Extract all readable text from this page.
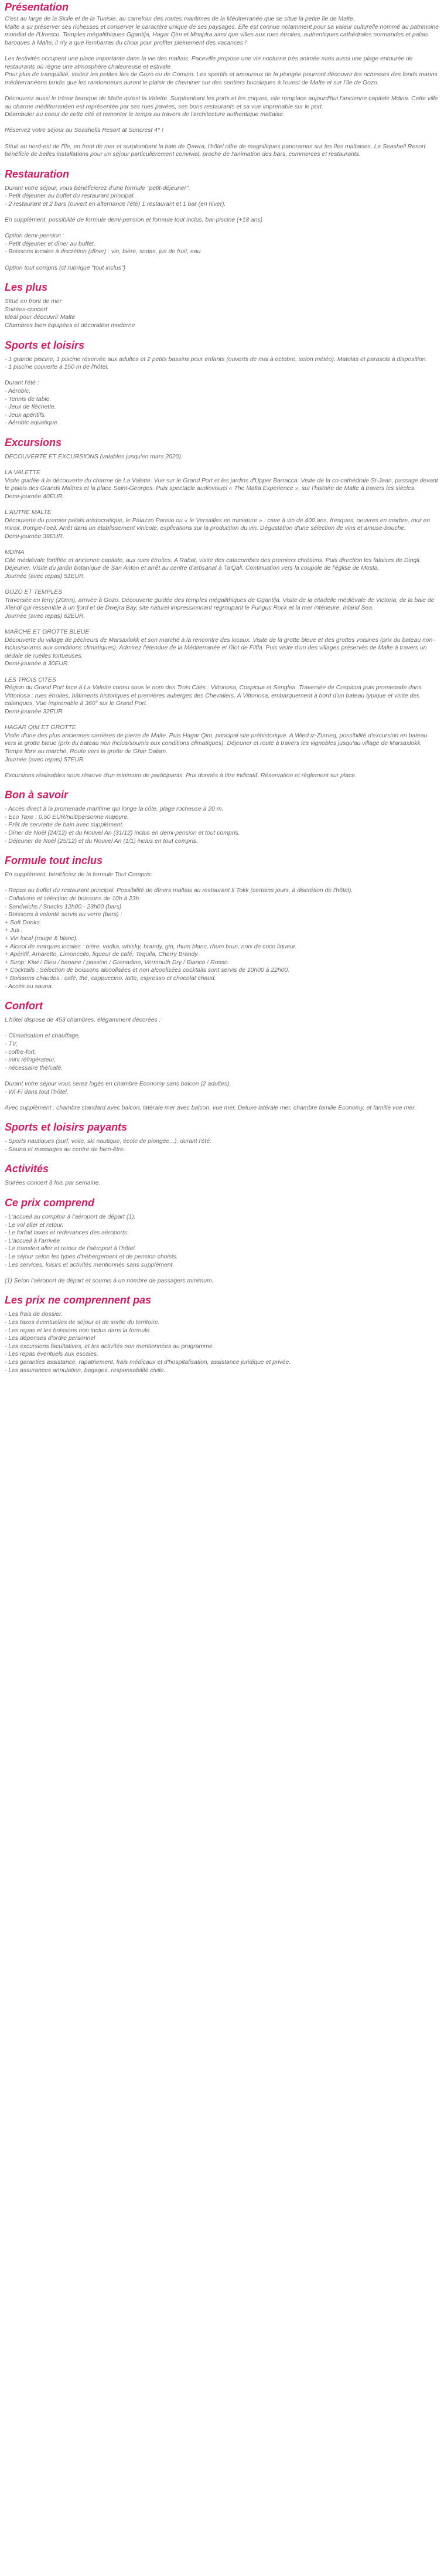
Présentation

C'est au large de la Sicile et de la Tunisie, au carrefour des routes maritimes de la Méditerranée que se situe la petite île de Malte.
Malte a su préserver ses richesses et conserver le caractère unique de ses paysages. Elle est connue notamment pour sa valeur culturelle nommé au patrimoine mondial de l'Unesco. Temples mégalithiques Ggantija, Hagar Qim et Mnajdra ainsi que villes aux rues étroites, authentiques cathédrales normandes et palais baroques à Malte, il n'y a que l'embarras du choix pour profiter pleinement des vacances !

Les festivités occupent une place importante dans la vie des maltais. Paceville propose une vie nocturne très animée mais aussi une plage entourée de restaurants où règne une atmosphère chaleureuse et estivale
Pour plus de tranquillité, visitez les petites îles de Gozo ou de Comino. Les sportifs et amoureux de la plongée pourront découvrir les richesses des fonds marins méditerranéens tandis que les randonneurs auront le plaisir de cheminer sur des sentiers bucoliques à l'ouest de Malte et sur l'île de Gozo.

Découvrez aussi le trésor baroque de Malte qu'est la Valette. Surplombant les ports et les criques, elle remplace aujourd'hui l'ancienne capitale Mdina. Cette ville au charme méditerranéen est représentée par ses rues pavées, ses bons restaurants et sa vue imprenable sur le port.
Déambuler au coeur de cette cité et remonter le temps au travers de l'architecture authentique maltaise.

Réservez votre séjour au Seashells Resort at Suncrest 4* !

Situé au nord-est de l'île, en front de mer et surplombant la baie de Qawra, l'hôtel offre de magnifiques panoramas sur les îles maltaises. Le Seashell Resort bénéficie de belles installations pour un séjour particulièrement convivial, proche de l'animation des bars, commerces et restaurants.

Restauration

Durant votre séjour, vous bénéficierez d'une formule "petit-déjeuner".
- Petit déjeuner au buffet du restaurant principal.
- 2 restaurant et 2 bars (ouvert en alternance l'été) 1 restaurant et 1 bar (en hiver).

En supplément, possibilité de formule demi-pension et formule tout inclus, bar-piscine (+18 ans)

Option demi-pension :
- Petit déjeuner et dîner au buffet.
- Boissons locales à discrétion (dîner) : vin, bière, sodas, jus de fruit, eau.

Option tout compris (cf rubrique "tout inclus")

Les plus

Situé en front de mer
Soirées-concert
Idéal pour découvrir Malte
Chambres bien équipées et décoration moderne

Sports et loisirs

- 1 grande piscine, 1 piscine réservée aux adultes et 2 petits bassins pour enfants (ouverts de mai à octobre, selon météo). Matelas et parasols à disposition.
- 1 piscine couverte à 150 m de l'hôtel.

Durant l'été :
- Aérobic.
- Tennis de table.
- Jeux de fléchette.
- Jeux apéritifs.
- Aérobic aquatique.

Excursions

DECOUVERTE ET EXCURSIONS (valables jusqu'en mars 2020).

LA VALETTE
Visite guidée à la découverte du charme de La Valette. Vue sur le Grand Port et les jardins d'Upper Barracca. Visite de la co-cathédrale St-Jean, passage devant le palais des Grands Maîtres et la place Saint-Georges. Puis spectacle audiovisuel « The Malta Experience », sur l'histoire de Malte à travers les siècles.
Demi-journée 40EUR.

L'AUTRE MALTE
Découverte du premier palais aristocratique, le Palazzo Parisio ou « le Versailles en miniature » : cave à vin de 400 ans, fresques, oeuvres en marbre, mur en miroir, trompe-l'oeil. Arrêt dans un établissement vinicole, explications sur la production du vin. Dégustation d'une sélection de vins et amuse-bouche.
Demi-journée 39EUR.

MDINA
Cité médiévale fortifiée et ancienne capitale, aux rues étroites. A Rabat, visite des catacombes des premiers chrétiens. Puis direction les falaises de Dingli. Déjeuner. Visite du jardin botanique de San Anton et arrêt au centre d'artisanat à Ta'Qali. Continuation vers la coupole de l'église de Mosta.
Journée (avec repas) 51EUR.

GOZO ET TEMPLES
Traversée en ferry (20mn), arrivée à Gozo. Découverte guidée des temples mégalithiques de Ggantija. Visite de la citadelle médiévale de Victoria, de la baie de Xlendi qui ressemble à un fjord et de Dwejra Bay, site naturel impressionnant regroupant le Fungus Rock et la mer intérieure, Inland Sea.
Journée (avec repas) 62EUR.

MARCHE ET GROTTE BLEUE
Découverte du village de pêcheurs de Marsaxlokk et son marché à la rencontre des locaux. Visite de la grotte bleue et des grottes voisines (prix du bateau non-inclus/soumis aux conditions climatiques). Admirez l'étendue de la Méditerranée et l'îlot de Filfla. Puis visite d'un des villages préservés de Malte à travers un dédale de ruelles tortueuses.
Demi-journée à 30EUR.

LES TROIS CITES
Région du Grand Port face à La Valette connu sous le nom des Trois Cités : Vittoriosa, Cospicua et Senglea. Traversée de Cospicua puis promenade dans Vittoriosa : rues étroites, bâtiments historiques et premières auberges des Chevaliers. A Vittoriosa, embarquement à bord d'un bateau typique et visite des calanques. Vue imprenable à 360° sur le Grand Port.
Demi-journée 32EUR

HAGAR QIM ET GROTTE
Visite d'une des plus anciennes carrières de pierre de Malte. Puis Hagar Qim, principal site préhistorique. A Wied iz-Zurrieq, possibilité d'excursion en bateau vers la grotte bleue (prix du bateau non inclus/soumis aux conditions climatiques). Déjeuner et route à travers les vignobles jusqu'au village de Marsaxlokk. Temps libre au marché. Route vers la grotte de Ghar Dalam.
Journée (avec repas) 57EUR.

Excursions réalisables sous réserve d'un minimum de participants. Prix donnés à titre indicatif. Réservation et règlement sur place.

Bon à savoir

- Accès direct à la promenade maritime qui longe la côte, plage rocheuse à 20 m.
- Eco Taxe : 0,50 EUR/nuit/personne majeure.
- Prêt de serviette de bain avec supplément.
- Dîner de Noël (24/12) et du Nouvel An (31/12) inclus en demi-pension et tout compris.
- Déjeuner de Noël (25/12) et du Nouvel An (1/1) inclus en tout compris.

Formule tout inclus

En supplément, bénéficiez de la formule Tout Compris:

- Repas au buffet du restaurant principal. Possibilité de dîners maltais au restaurant Il Tokk (certains jours, à discrétion de l'hôtel).
- Collations et sélection de boissons de 10h à 23h.
- Sandwichs / Snacks 12h00 - 23h00 (bars)
- Boissons à volonté servis au verre (bars) :
+ Soft Drinks.
+ Jus .
+ Vin local (rouge & blanc).
+ Alcool de marques locales : bière, vodka, whisky, brandy, gin, rhum blanc, rhum brun, noix de coco liqueur.
+ Apéritif, Amaretto, Limoncello, liqueur de café, Tequila, Cherry Brandy.
+ Sirop: Kiwi / Bleu / banane / passion / Grenadine, Vermouth Dry / Bianco / Rosso.
+ Cocktails : Sélection de boissons alcoolisées et non alcoolisées cocktails sont servis de 10h00 à 22h00.
+ Boissons chaudes : café, thé, cappuccino, latte, espresso et chocolat chaud.
- Accès au sauna.

Confort

L'hôtel dispose de 453 chambres, élégamment décorées :

- Climatisation et chauffage,
- TV,
- coffre-fort,
- mini réfrigérateur,
- nécessaire thé/café,

Durant votre séjour vous serez logés en chambre Economy sans balcon (2 adultes).
- Wi-Fi dans tout l'hôtel.

Avec supplément : chambre standard avec balcon, latérale mer avec balcon, vue mer, Deluxe latérale mer, chambre famille Economy, et famille vue mer.

Sports et loisirs payants

- Sports nautiques (surf, voile, ski nautique, école de plongée...), durant l'été.
- Sauna et massages au centre de bien-être.

Activités

Soirées-concert 3 fois par semaine.

Ce prix comprend

- L'accueil au comptoir à l'aéroport de départ (1).
- Le vol aller et retour.
- Le forfait taxes et redevances des aéroports.
- L'accueil à l'arrivée.
- Le transfert aller et retour de l'aéroport à l'hôtel.
- Le séjour selon les types d'hébergement et de pension choisis.
- Les services, loisirs et activités mentionnés sans supplément.

(1) Selon l'aéroport de départ et soumis à un nombre de passagers minimum.

Les prix ne comprennent pas

- Les frais de dossier.
- Les taxes éventuelles de séjour et de sortie du territoire.
- Les repas et les boissons non inclus dans la formule.
- Les dépenses d'ordre personnel
- Les excursions facultatives, et les activités non mentionnées au programme.
- Les repas éventuels aux escales.
- Les garanties assistance, rapatriement, frais médicaux et d'hospitalisation, assistance juridique et privée.
- Les assurances annulation, bagages, responsabilité civile.
